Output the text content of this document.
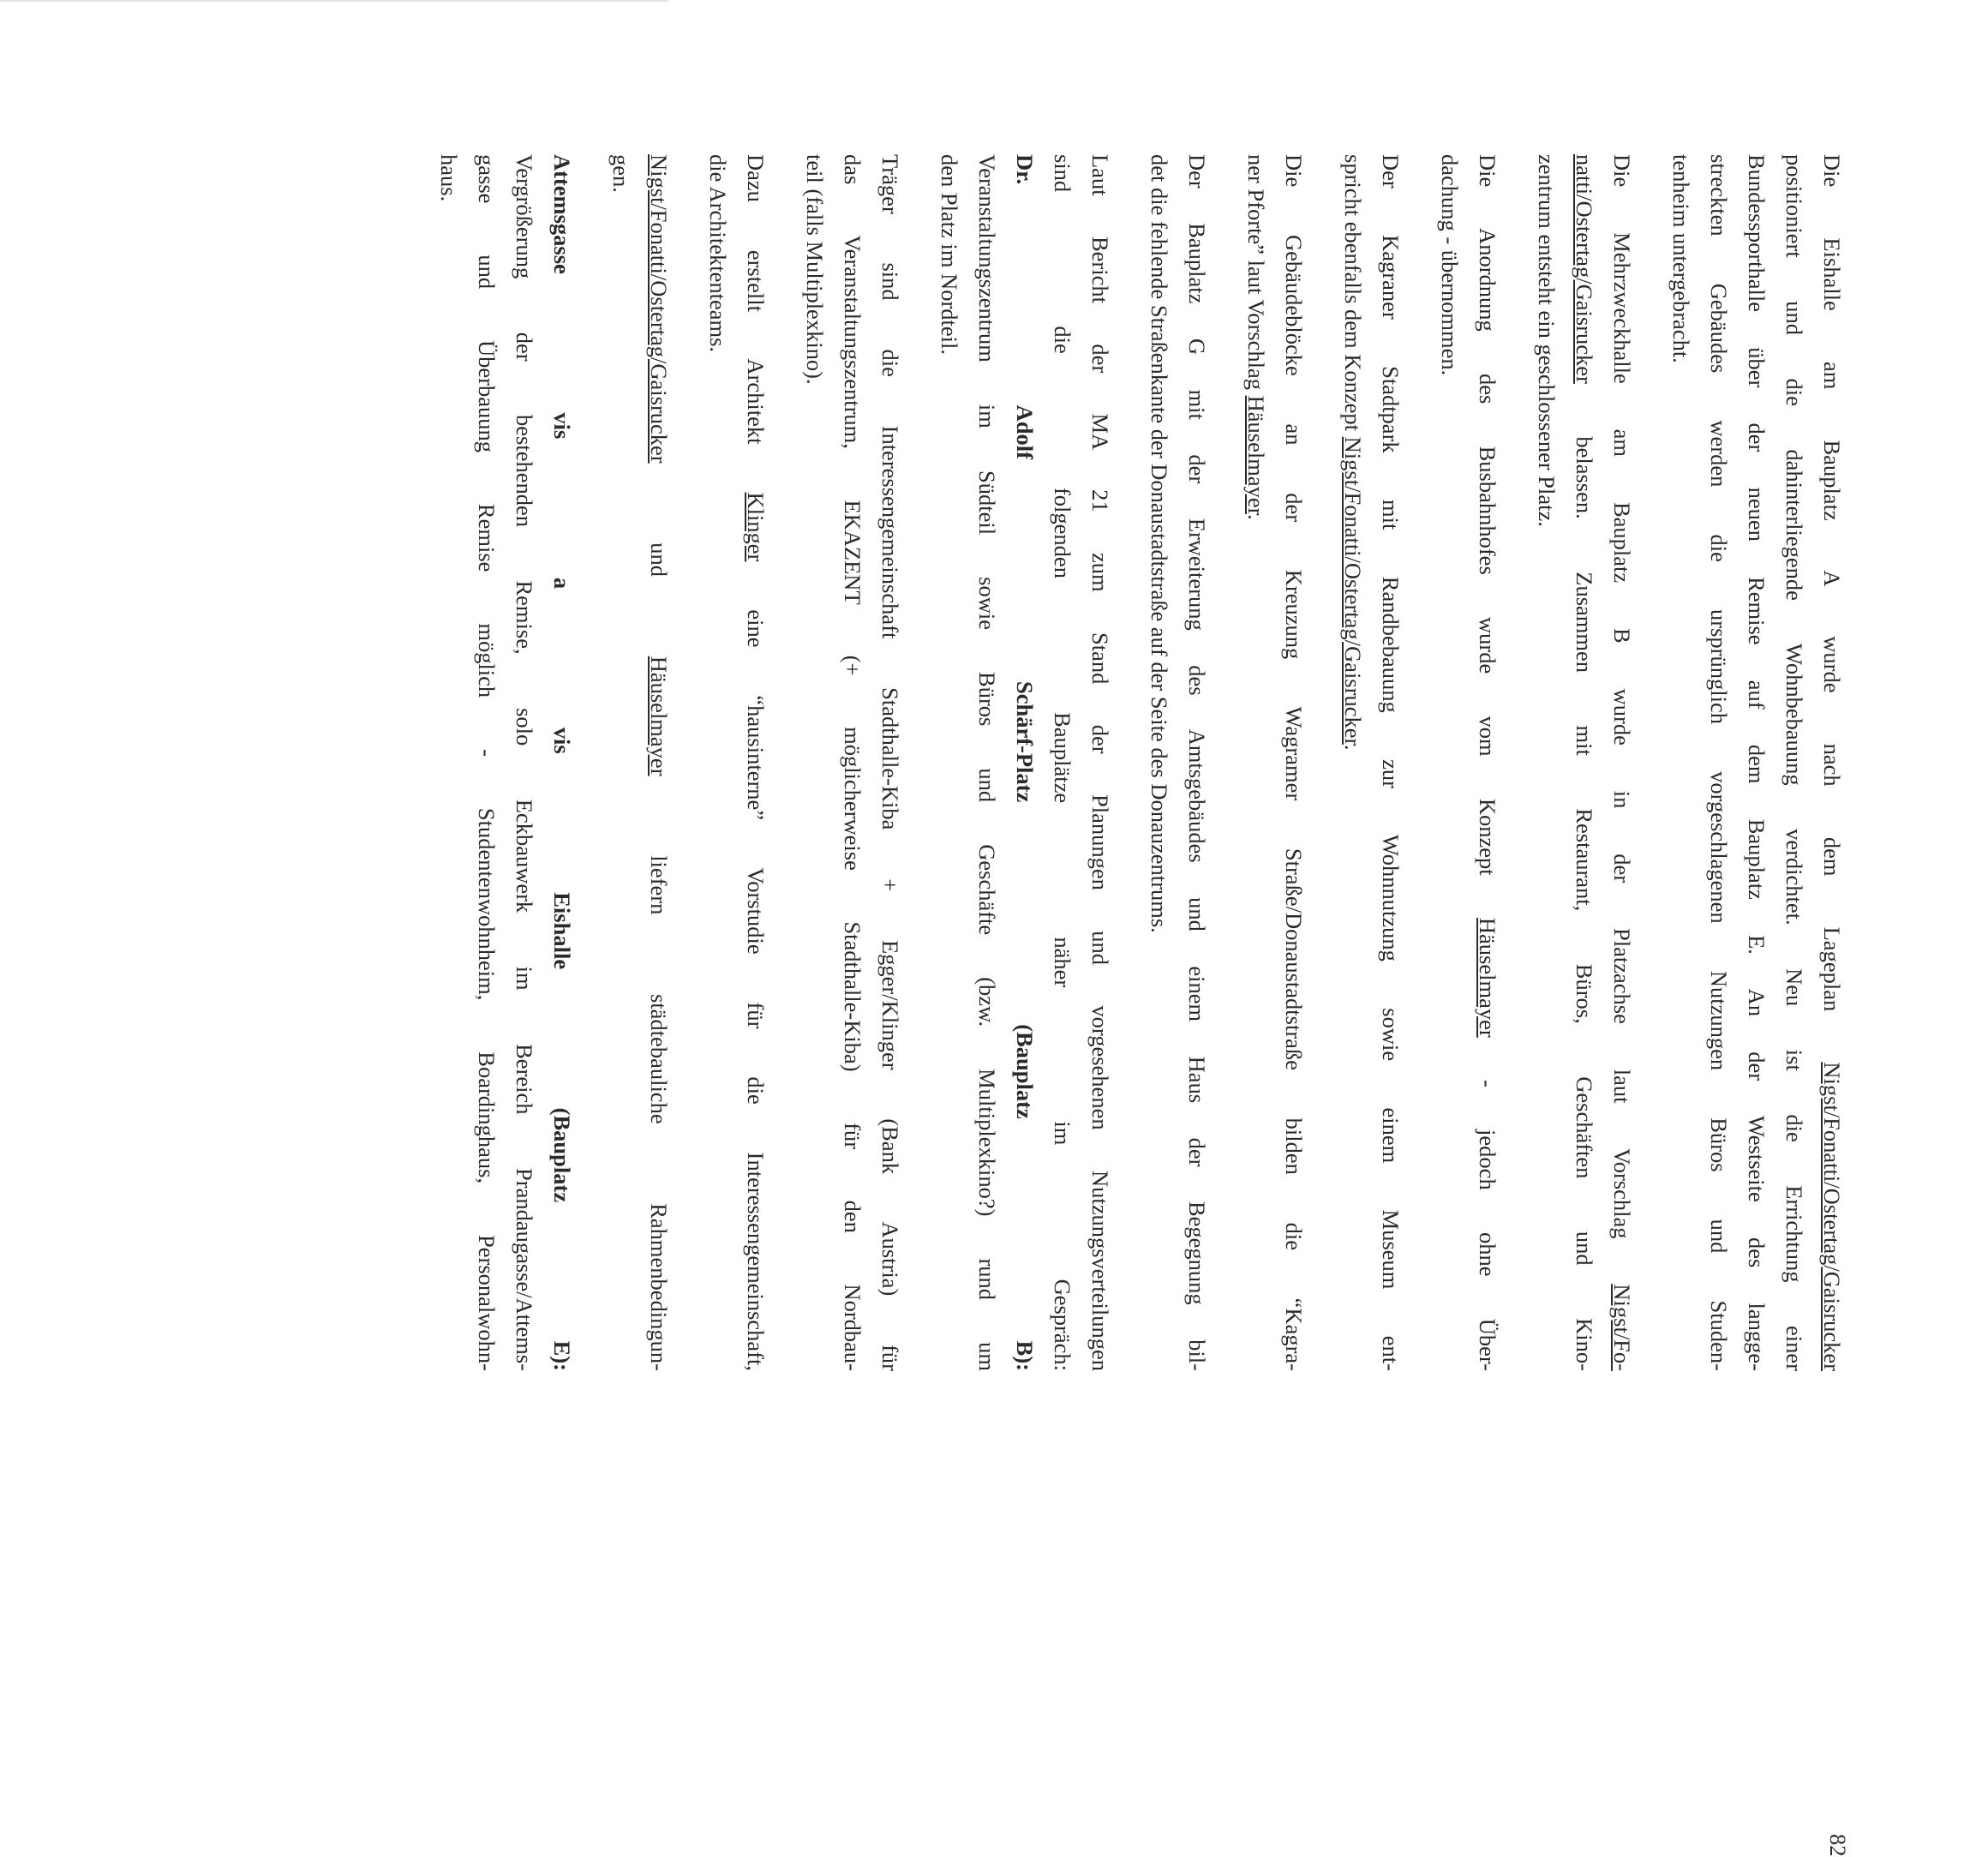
Die Eishalle am Bauplatz A wurde nach dem Lageplan Nigst/Fonatti/Ostertag/Gaisrucker
positioniert und die dahinterliegende Wohnbebauung verdichtet. Neu ist die Errichtung einer
Bundessporthalle über der neuen Remise auf dem Bauplatz E. An der Westseite des langge-
streckten Gebäudes werden die ursprünglich vorgeschlagenen Nutzungen Büros und Studen-
tenheim untergebracht.
Die Mehrzweckhalle am Bauplatz B wurde in der Platzachse laut Vorschlag Nigst/Fo-
natti/Ostertag/Gaisrucker belassen. Zusammen mit Restaurant, Büros, Geschäften und Kino-
zentrum entsteht ein geschlossener Platz.
Die Anordnung des Busbahnhofes wurde vom Konzept Häuselmayer - jedoch ohne Über-
dachung - übernommen.
Der Kagraner Stadtpark mit Randbebauung zur Wohnnutzung sowie einem Museum ent-
spricht ebenfalls dem Konzept Nigst/Fonatti/Ostertag/Gaisrucker.
Die Gebäudeblöcke an der Kreuzung Wagramer Straße/Donaustadtstraße bilden die “Kagra-
ner Pforte” laut Vorschlag Häuselmayer.
Der Bauplatz G mit der Erweiterung des Amtsgebäudes und einem Haus der Begegnung bil-
det die fehlende Straßenkante der Donaustadtstraße auf der Seite des Donauzentrums.
Laut Bericht der MA 21 zum Stand der Planungen und vorgesehenen Nutzungsverteilungen
sind die folgenden Bauplätze näher im Gespräch:
Dr. Adolf Schärf-Platz (Bauplatz B):
Veranstaltungszentrum im Südteil sowie Büros und Geschäfte (bzw. Multiplexkino?) rund um
den Platz im Nordteil.
Träger sind die Interessengemeinschaft Stadthalle-Kiba + Egger/Klinger (Bank Austria) für
das Veranstaltungszentrum, EKAZENT (+ möglicherweise Stadthalle-Kiba) für den Nordbau-
teil (falls Multiplexkino).
Dazu erstellt Architekt Klinger eine “hausinterne” Vorstudie für die Interessengemeinschaft,
die Architektenteams.
Nigst/Fonatti/Ostertag/Gaisrucker und Häuselmayer liefern städtebauliche Rahmenbedingun-
gen.
Attemsgasse vis a vis Eishalle (Bauplatz E):
Vergrößerung der bestehenden Remise, solo Eckbauwerk im Bereich Prandaugasse/Attems-
gasse und Überbauung Remise möglich - Studentenwohnheim, Boardinghaus, Personalwohn-
haus.
82
